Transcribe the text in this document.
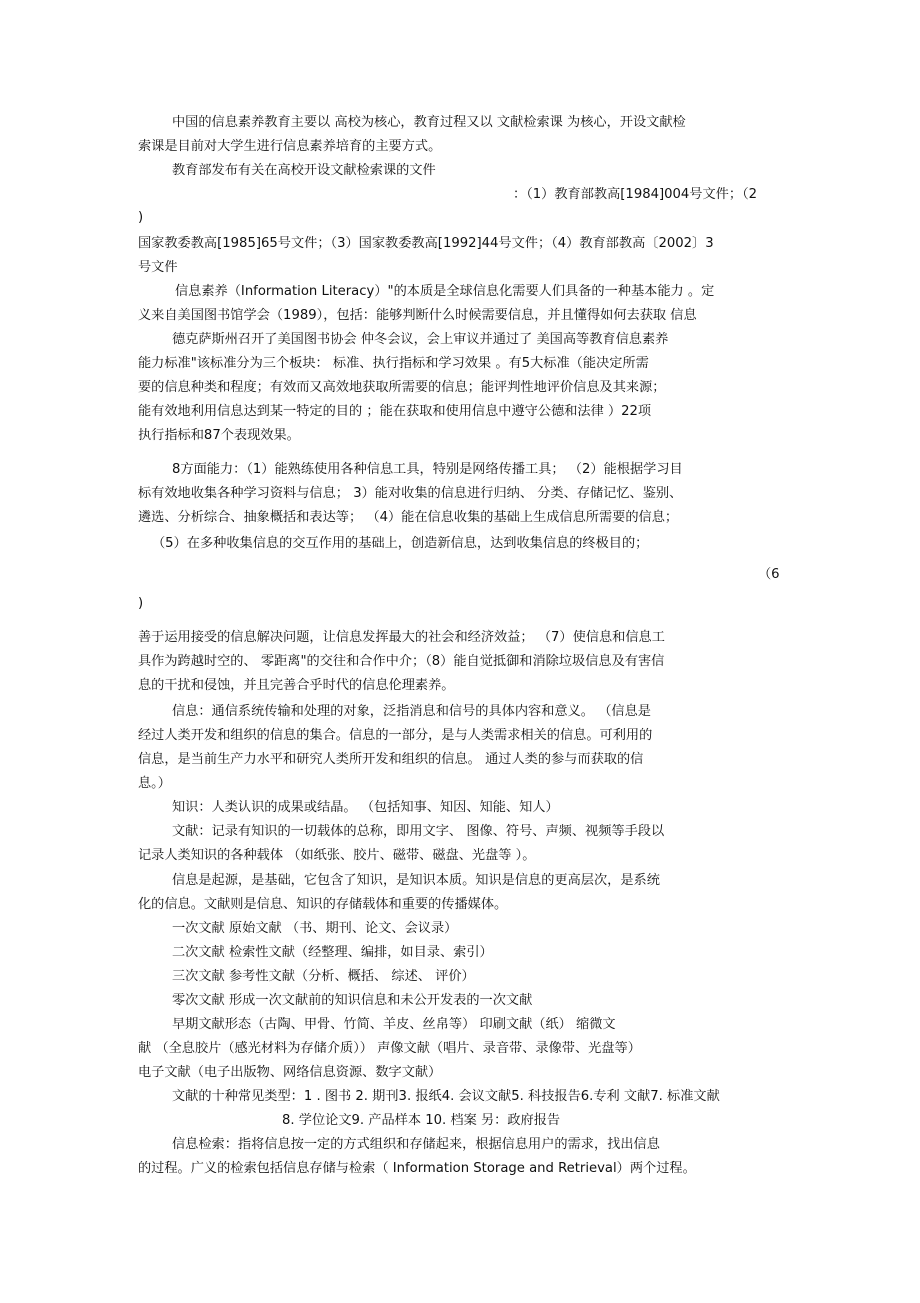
中国的信息素养教育主要以 高校为核心，教育过程又以 文献检索课 为核心，开设文献检
索课是目前对大学生进行信息素养培育的主要方式。
教育部发布有关在高校开设文献检索课的文件
：（1）教育部教高[1984]004号文件；（2
)
国家教委教高[1985]65号文件；（3）国家教委教高[1992]44号文件；（4）教育部教高〔2002〕3
号文件
信息素养（Information Literacy）"的本质是全球信息化需要人们具备的一种基本能力 。定
义来自美国图书馆学会（1989），包括：能够判断什么时候需要信息，并且懂得如何去获取 信息
德克萨斯州召开了美国图书协会 仲冬会议，会上审议并通过了 美国高等教育信息素养
能力标准"该标准分为三个板块： 标准、执行指标和学习效果 。有5大标准（能决定所需
要的信息种类和程度；有效而又高效地获取所需要的信息；能评判性地评价信息及其来源；
能有效地利用信息达到某一特定的目的 ；能在获取和使用信息中遵守公德和法律 ）22项
执行指标和87个表现效果。
8方面能力：（1）能熟练使用各种信息工具，特别是网络传播工具； （2）能根据学习目
标有效地收集各种学习资料与信息； 3）能对收集的信息进行归纳、 分类、存储记忆、鉴别、
遴选、分析综合、抽象概括和表达等； （4）能在信息收集的基础上生成信息所需要的信息；
（5）在多种收集信息的交互作用的基础上，创造新信息，达到收集信息的终极目的；
（6
)
善于运用接受的信息解决问题，让信息发挥最大的社会和经济效益； （7）使信息和信息工
具作为跨越时空的、 零距离"的交往和合作中介；（8）能自觉抵御和消除垃圾信息及有害信
息的干扰和侵蚀，并且完善合乎时代的信息伦理素养。
信息：通信系统传输和处理的对象，泛指消息和信号的具体内容和意义。 （信息是
经过人类开发和组织的信息的集合。信息的一部分，是与人类需求相关的信息。可利用的
信息，是当前生产力水平和研究人类所开发和组织的信息。 通过人类的参与而获取的信
息。）
知识：人类认识的成果或结晶。 （包括知事、知因、知能、知人）
文献：记录有知识的一切载体的总称，即用文字、 图像、符号、声频、视频等手段以
记录人类知识的各种载体 （如纸张、胶片、磁带、磁盘、光盘等 ）。
信息是起源，是基础，它包含了知识，是知识本质。知识是信息的更高层次，是系统
化的信息。文献则是信息、知识的存储载体和重要的传播媒体。
一次文献 原始文献 （书、期刊、论文、会议录）
二次文献 检索性文献（经整理、编排，如目录、索引）
三次文献 参考性文献（分析、概括、 综述、 评价）
零次文献 形成一次文献前的知识信息和未公开发表的一次文献
早期文献形态（古陶、甲骨、竹简、羊皮、丝帛等） 印刷文献（纸） 缩微文
献 （全息胶片（感光材料为存储介质）） 声像文献（唱片、录音带、录像带、光盘等）
电子文献（电子出版物、网络信息资源、数字文献）
文献的十种常见类型：1 . 图书 2. 期刊3. 报纸4. 会议文献5. 科技报告6.专利 文献7. 标准文献
8. 学位论文9. 产品样本 10. 档案 另：政府报告
信息检索：指将信息按一定的方式组织和存储起来，根据信息用户的需求，找出信息
的过程。广义的检索包括信息存储与检索（ Information Storage and Retrieval）两个过程。
